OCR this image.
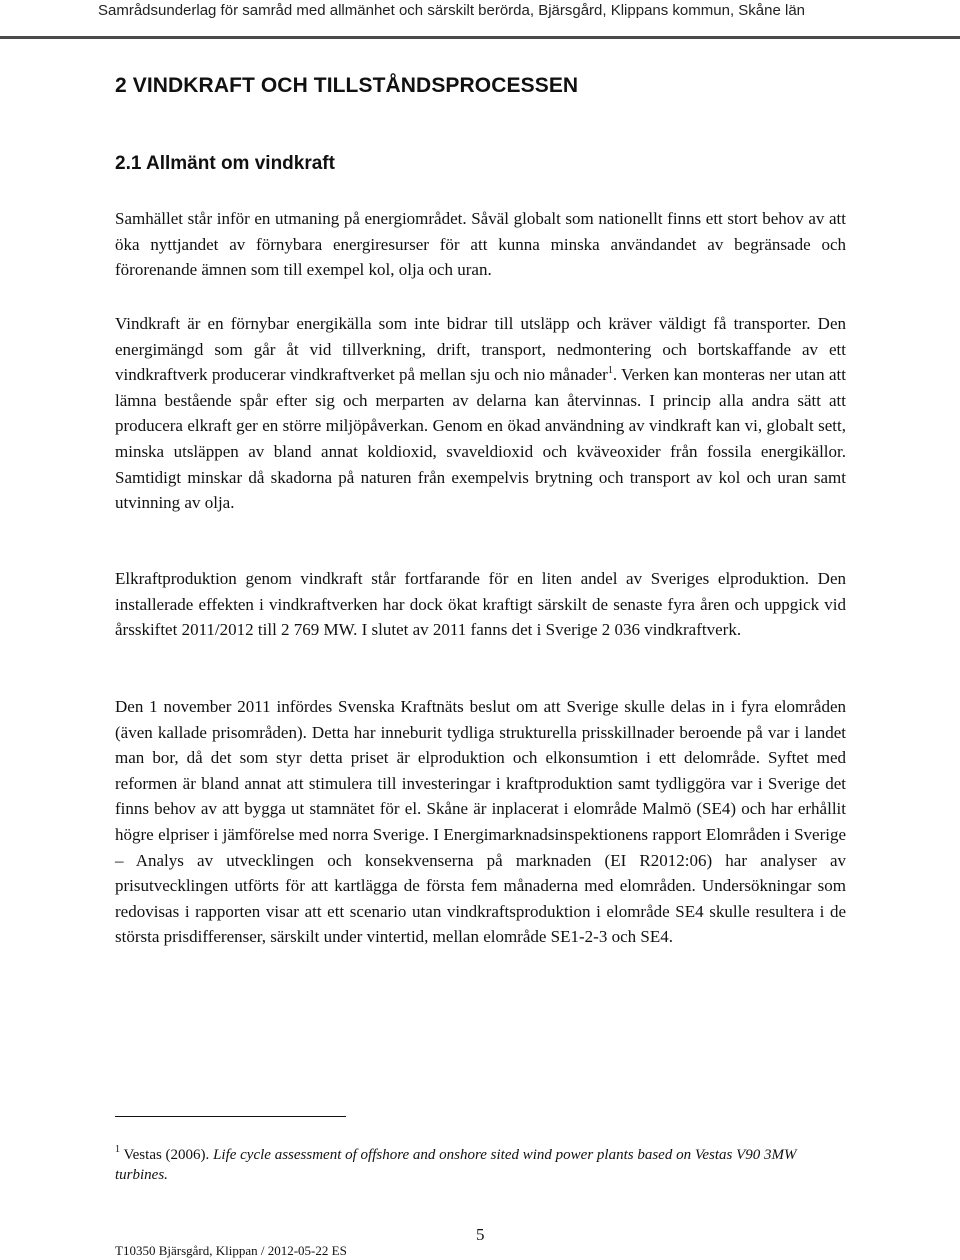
Samrådsunderlag för samråd med allmänhet och särskilt berörda, Bjärsgård, Klippans kommun, Skåne län
2 VINDKRAFT OCH TILLSTÅNDSPROCESSEN
2.1 Allmänt om vindkraft

Samhället står inför en utmaning på energiområdet. Såväl globalt som nationellt finns ett stort behov av att öka nyttjandet av förnybara energiresurser för att kunna minska användandet av begränsade och förorenande ämnen som till exempel kol, olja och uran.

Vindkraft är en förnybar energikälla som inte bidrar till utsläpp och kräver väldigt få transporter. Den energimängd som går åt vid tillverkning, drift, transport, nedmontering och bortskaffande av ett vindkraftverk producerar vindkraftverket på mellan sju och nio månader$^1$. Verken kan monteras ner utan att lämna bestående spår efter sig och merparten av delarna kan återvinnas. I princip alla andra sätt att producera elkraft ger en större miljöpåverkan. Genom en ökad användning av vindkraft kan vi, globalt sett, minska utsläppen av bland annat koldioxid, svaveldioxid och kväveoxider från fossila energikällor. Samtidigt minskar då skadorna på naturen från exempelvis brytning och transport av kol och uran samt utvinning av olja.

Elkraftproduktion genom vindkraft står fortfarande för en liten andel av Sveriges elproduktion. Den installerade effekten i vindkraftverken har dock ökat kraftigt särskilt de senaste fyra åren och uppgick vid årsskiftet 2011/2012 till 2 769 MW. I slutet av 2011 fanns det i Sverige 2 036 vindkraftverk.

Den 1 november 2011 infördes Svenska Kraftnäts beslut om att Sverige skulle delas in i fyra elområden (även kallade prisområden). Detta har inneburit tydliga strukturella prisskillnader beroende på var i landet man bor, då det som styr detta priset är elproduktion och elkonsumtion i ett delområde. Syftet med reformen är bland annat att stimulera till investeringar i kraftproduktion samt tydliggöra var i Sverige det finns behov av att bygga ut stamnätet för el. Skåne är inplacerat i elområde Malmö (SE4) och har erhållit högre elpriser i jämförelse med norra Sverige. I Energimarknadsinspektionens rapport Elområden i Sverige – Analys av utvecklingen och konsekvenserna på marknaden (EI R2012:06) har analyser av prisutvecklingen utförts för att kartlägga de första fem månaderna med elområden. Undersökningar som redovisas i rapporten visar att ett scenario utan vindkraftsproduktion i elområde SE4 skulle resultera i de största prisdifferenser, särskilt under vintertid, mellan elområde SE1-2-3 och SE4.

$^1$ Vestas (2006). Life cycle assessment of offshore and onshore sited wind power plants based on Vestas V90 3MW turbines.

5
T10350 Bjärsgård, Klippan / 2012-05-22 ES
